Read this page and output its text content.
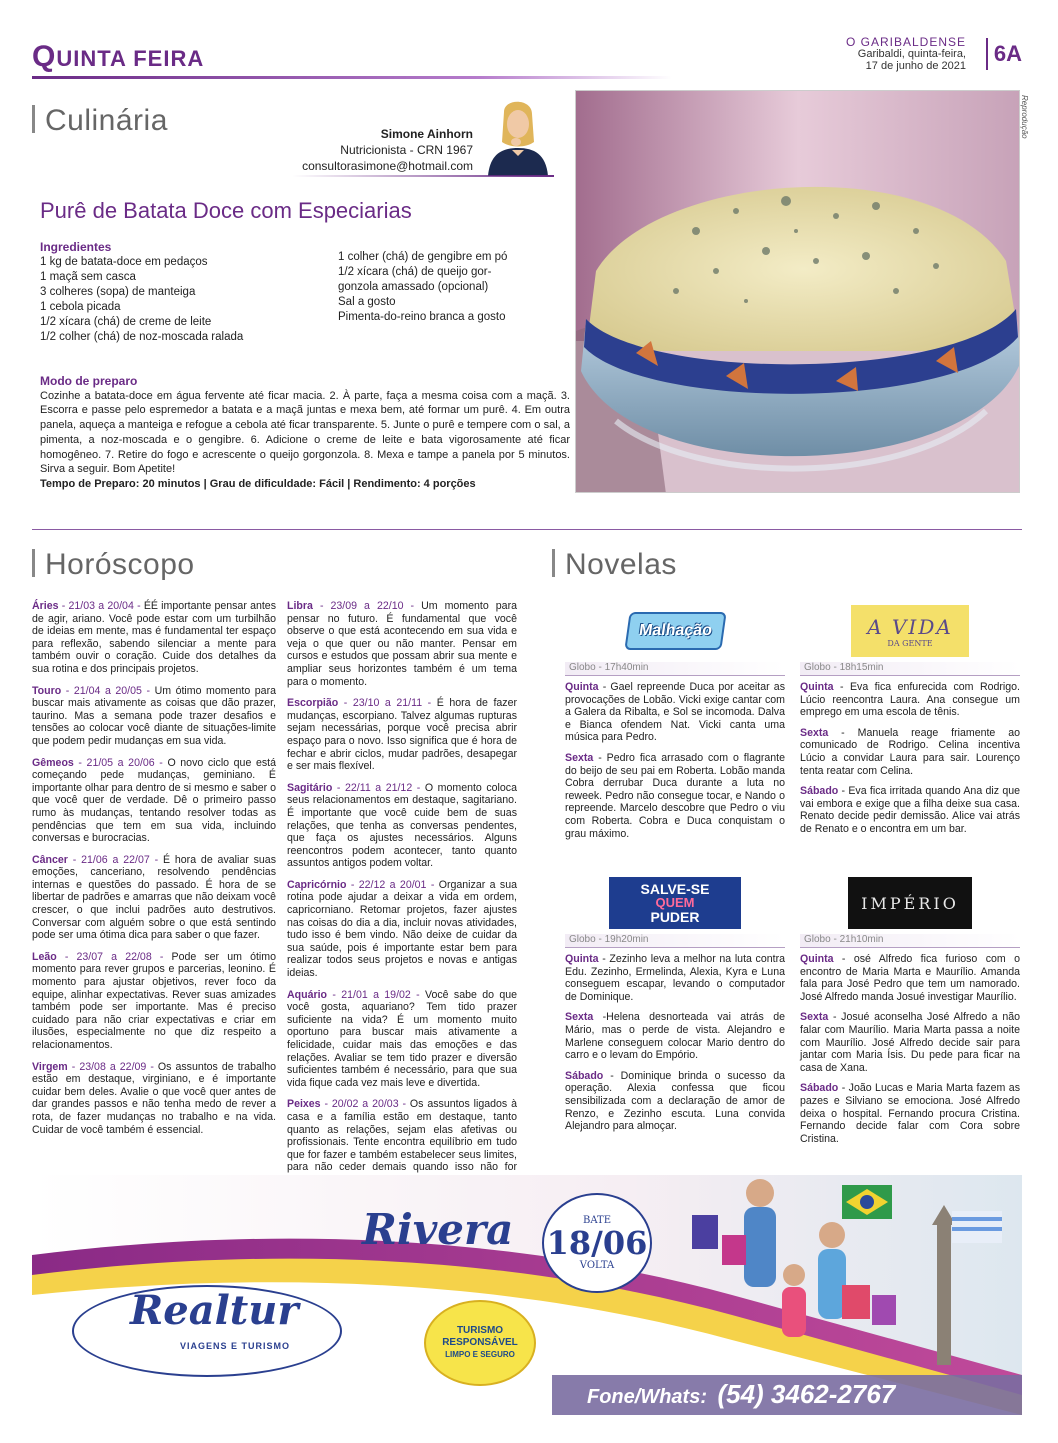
QUINTA FEIRA
O GARIBALDENSE
Garibaldi, quinta-feira,
17 de junho de 2021	6A
Culinária	Simone Ainhorn
Nutricionista - CRN 1967
consultorasimone@hotmail.com
Purê de Batata Doce com Especiarias
Ingredientes
1 kg de batata-doce em pedaços
1 maçã sem casca
3 colheres (sopa) de manteiga
1 cebola picada
1/2 xícara (chá) de creme de leite
1/2 colher (chá) de noz-moscada ralada
1 colher (chá) de gengibre em pó
1/2 xícara (chá) de queijo gor-
gonzola amassado (opcional)
Sal a gosto
Pimenta-do-reino branca a gosto
Modo de preparo
Cozinhe a batata-doce em água fervente até ficar macia. 2. À parte, faça a mesma coisa com a maçã. 3. Escorra e passe pelo espremedor a batata e a maçã juntas e mexa bem, até formar um purê. 4. Em outra panela, aqueça a manteiga e refogue a cebola até ficar transparente. 5. Junte o purê e tempere com o sal, a pimenta, a noz-moscada e o gengibre. 6. Adicione o creme de leite e bata vigorosamente até ficar homogêneo. 7. Retire do fogo e acrescente o queijo gorgonzola. 8. Mexa e tampe a panela por 5 minutos. Sirva a seguir. Bom Apetite!
Tempo de Preparo: 20 minutos | Grau de dificuldade: Fácil | Rendimento: 4 porções
Reprodução
Horóscopo

Áries - 21/03 a 20/04 - ÉÉ importante pensar antes de agir, ariano. Você pode estar com um turbilhão de ideias em mente, mas é fundamental ter espaço para reflexão, sabendo silenciar a mente para também ouvir o coração. Cuide dos detalhes da sua rotina e dos principais projetos.

Touro - 21/04 a 20/05 - Um ótimo momento para buscar mais ativamente as coisas que dão prazer, taurino. Mas a semana pode trazer desafios e tensões ao colocar você diante de situações-limite que podem pedir mudanças em sua vida.

Gêmeos - 21/05 a 20/06 - O novo ciclo que está começando pede mudanças, geminiano. É importante olhar para dentro de si mesmo e saber o que você quer de verdade. Dê o primeiro passo rumo às mudanças, tentando resolver todas as pendências que tem em sua vida, incluindo conversas e burocracias.

Câncer - 21/06 a 22/07 - É hora de avaliar suas emoções, canceriano, resolvendo pendências internas e questões do passado. É hora de se libertar de padrões e amarras que não deixam você crescer, o que inclui padrões auto destrutivos. Conversar com alguém sobre o que está sentindo pode ser uma ótima dica para saber o que fazer.

Leão - 23/07 a 22/08 - Pode ser um ótimo momento para rever grupos e parcerias, leonino. É momento para ajustar objetivos, rever foco da equipe, alinhar expectativas. Rever suas amizades também pode ser importante. Mas é preciso cuidado para não criar expectativas e criar em ilusões, especialmente no que diz respeito a relacionamentos.

Virgem - 23/08 a 22/09 - Os assuntos de trabalho estão em destaque, virginiano, e é importante cuidar bem deles. Avalie o que você quer antes de dar grandes passos e não tenha medo de rever a rota, de fazer mudanças no trabalho e na vida. Cuidar de você também é essencial.

Libra - 23/09 a 22/10 - Um momento para pensar no futuro. É fundamental que você observe o que está acontecendo em sua vida e veja o que quer ou não manter. Pensar em cursos e estudos que possam abrir sua mente e ampliar seus horizontes também é um tema para o momento.

Escorpião - 23/10 a 21/11 - É hora de fazer mudanças, escorpiano. Talvez algumas rupturas sejam necessárias, porque você precisa abrir espaço para o novo. Isso significa que é hora de fechar e abrir ciclos, mudar padrões, desapegar e ser mais flexível.

Sagitário - 22/11 a 21/12 - O momento coloca seus relacionamentos em destaque, sagitariano. É importante que você cuide bem de suas relações, que tenha as conversas pendentes, que faça os ajustes necessários. Alguns reencontros podem acontecer, tanto quanto assuntos antigos podem voltar.

Capricórnio - 22/12 a 20/01 - Organizar a sua rotina pode ajudar a deixar a vida em ordem, capricorniano. Retomar projetos, fazer ajustes nas coisas do dia a dia, incluir novas atividades, tudo isso é bem vindo. Não deixe de cuidar da sua saúde, pois é importante estar bem para realizar todos seus projetos e novas e antigas ideias.

Aquário - 21/01 a 19/02 - Você sabe do que você gosta, aquariano? Tem tido prazer suficiente na vida? É um momento muito oportuno para buscar mais ativamente a felicidade, cuidar mais das emoções e das relações. Avaliar se tem tido prazer e diversão suficientes também é necessário, para que sua vida fique cada vez mais leve e divertida.

Peixes - 20/02 a 20/03 - Os assuntos ligados à casa e a família estão em destaque, tanto quanto as relações, sejam elas afetivas ou profissionais. Tente encontra equilíbrio em tudo que for fazer e também estabelecer seus limites, para não ceder demais quando isso não for

Novelas
Malhação
Globo - 17h40min

Quinta - Gael repreende Duca por aceitar as provocações de Lobão. Vicki exige cantar com a Galera da Ribalta, e Sol se incomoda. Dalva e Bianca ofendem Nat. Vicki canta uma música para Pedro.

Sexta - Pedro fica arrasado com o flagrante do beijo de seu pai em Roberta. Lobão manda Cobra derrubar Duca durante a luta no reweek. Pedro não consegue tocar, e Nando o repreende. Marcelo descobre que Pedro o viu com Roberta. Cobra e Duca conquistam o grau máximo.

A VIDA
DA GENTE
Globo - 18h15min

Quinta - Eva fica enfurecida com Rodrigo. Lúcio reencontra Laura. Ana consegue um emprego em uma escola de tênis.

Sexta - Manuela reage friamente ao comunicado de Rodrigo. Celina incentiva Lúcio a convidar Laura para sair. Lourenço tenta reatar com Celina.

Sábado - Eva fica irritada quando Ana diz que vai embora e exige que a filha deixe sua casa. Renato decide pedir demissão. Alice vai atrás de Renato e o encontra em um bar.

SALVE-SE
QUEM
PUDER
Globo - 19h20min

Quinta - Zezinho leva a melhor na luta contra Edu. Zezinho, Ermelinda, Alexia, Kyra e Luna conseguem escapar, levando o computador de Dominique.

Sexta -Helena desnorteada vai atrás de Mário, mas o perde de vista. Alejandro e Marlene conseguem colocar Mario dentro do carro e o levam do Empório.

Sábado - Dominique brinda o sucesso da operação. Alexia confessa que ficou sensibilizada com a declaração de amor de Renzo, e Zezinho escuta. Luna convida Alejandro para almoçar.

IMPÉRIO
Globo - 21h10min

Quinta - osé Alfredo fica furioso com o encontro de Maria Marta e Maurílio. Amanda fala para José Pedro que tem um namorado. José Alfredo manda Josué investigar Maurílio.

Sexta - Josué aconselha José Alfredo a não falar com Maurílio. Maria Marta passa a noite com Maurílio. José Alfredo decide sair para jantar com Maria Ísis. Du pede para ficar na casa de Xana.

Sábado - João Lucas e Maria Marta fazem as pazes e Silviano se emociona. José Alfredo deixa o hospital. Fernando procura Cristina. Fernando decide falar com Cora sobre Cristina.

Rivera	BATE
18/06
VOLTA
Realtur
VIAGENS E TURISMO
TURISMO
RESPONSÁVEL
LIMPO E SEGURO
Fone/Whats: (54) 3462-2767
